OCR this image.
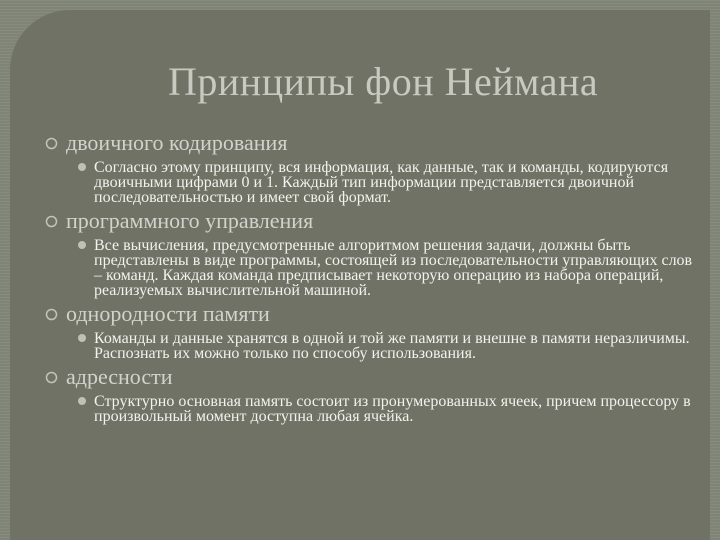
Принципы фон Неймана

двоичного кодирования

Согласно этому принципу, вся информация, как данные, так и команды, кодируются двоичными цифрами 0 и 1. Каждый тип информации представляется двоичной последовательностью и имеет свой формат.

программного управления

Все вычисления, предусмотренные алгоритмом решения задачи, должны быть представлены в виде программы, состоящей из последовательности управляющих слов – команд. Каждая команда предписывает некоторую операцию из набора операций, реализуемых вычислительной машиной.

однородности памяти

Команды и данные хранятся в одной и той же памяти и внешне в памяти неразличимы. Распознать их можно только по способу использования.

адресности

Структурно основная память состоит из пронумерованных ячеек, причем процессору в произвольный момент доступна любая ячейка.
